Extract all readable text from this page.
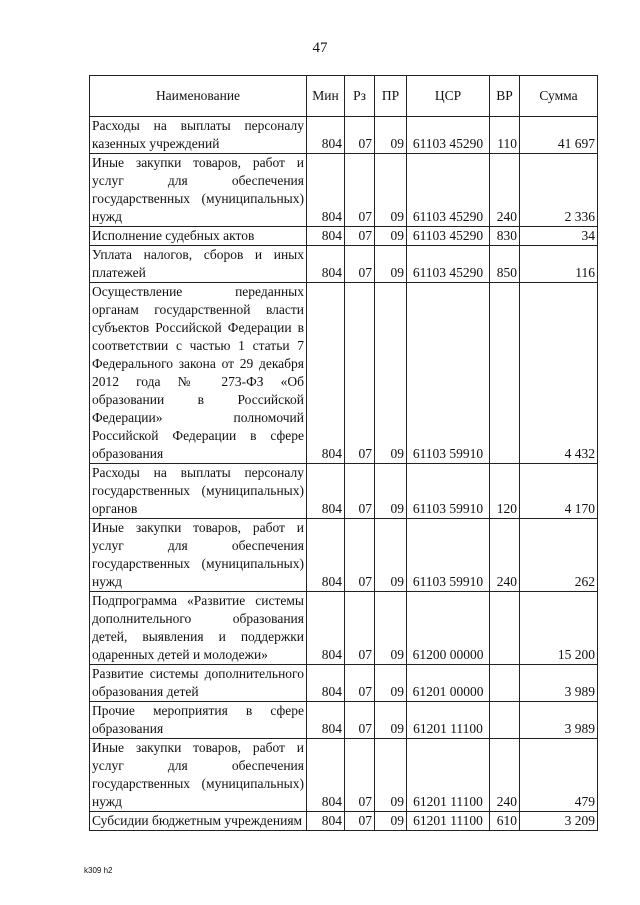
47
Наименование	Мин	Рз	ПР	ЦСР	ВР	Сумма
Расходы на выплаты персоналу казенных учреждений	804	07	09	61103 45290	110	41 697
Иные закупки товаров, работ и услуг для обеспечения государственных (муниципальных) нужд	804	07	09	61103 45290	240	2 336
Исполнение судебных актов	804	07	09	61103 45290	830	34
Уплата налогов, сборов и иных платежей	804	07	09	61103 45290	850	116
Осуществление переданных органам государственной власти субъектов Российской Федерации в соответствии с частью 1 статьи 7 Федерального закона от 29 декабря 2012 года № 273-ФЗ «Об образовании в Российской Федерации» полномочий Российской Федерации в сфере образования	804	07	09	61103 59910		4 432
Расходы на выплаты персоналу государственных (муниципальных) органов	804	07	09	61103 59910	120	4 170
Иные закупки товаров, работ и услуг для обеспечения государственных (муниципальных) нужд	804	07	09	61103 59910	240	262
Подпрограмма «Развитие системы дополнительного образования детей, выявления и поддержки одаренных детей и молодежи»	804	07	09	61200 00000		15 200
Развитие системы дополнительного образования детей	804	07	09	61201 00000		3 989
Прочие мероприятия в сфере образования	804	07	09	61201 11100		3 989
Иные закупки товаров, работ и услуг для обеспечения государственных (муниципальных) нужд	804	07	09	61201 11100	240	479
Субсидии бюджетным учреждениям	804	07	09	61201 11100	610	3 209
k309 h2
